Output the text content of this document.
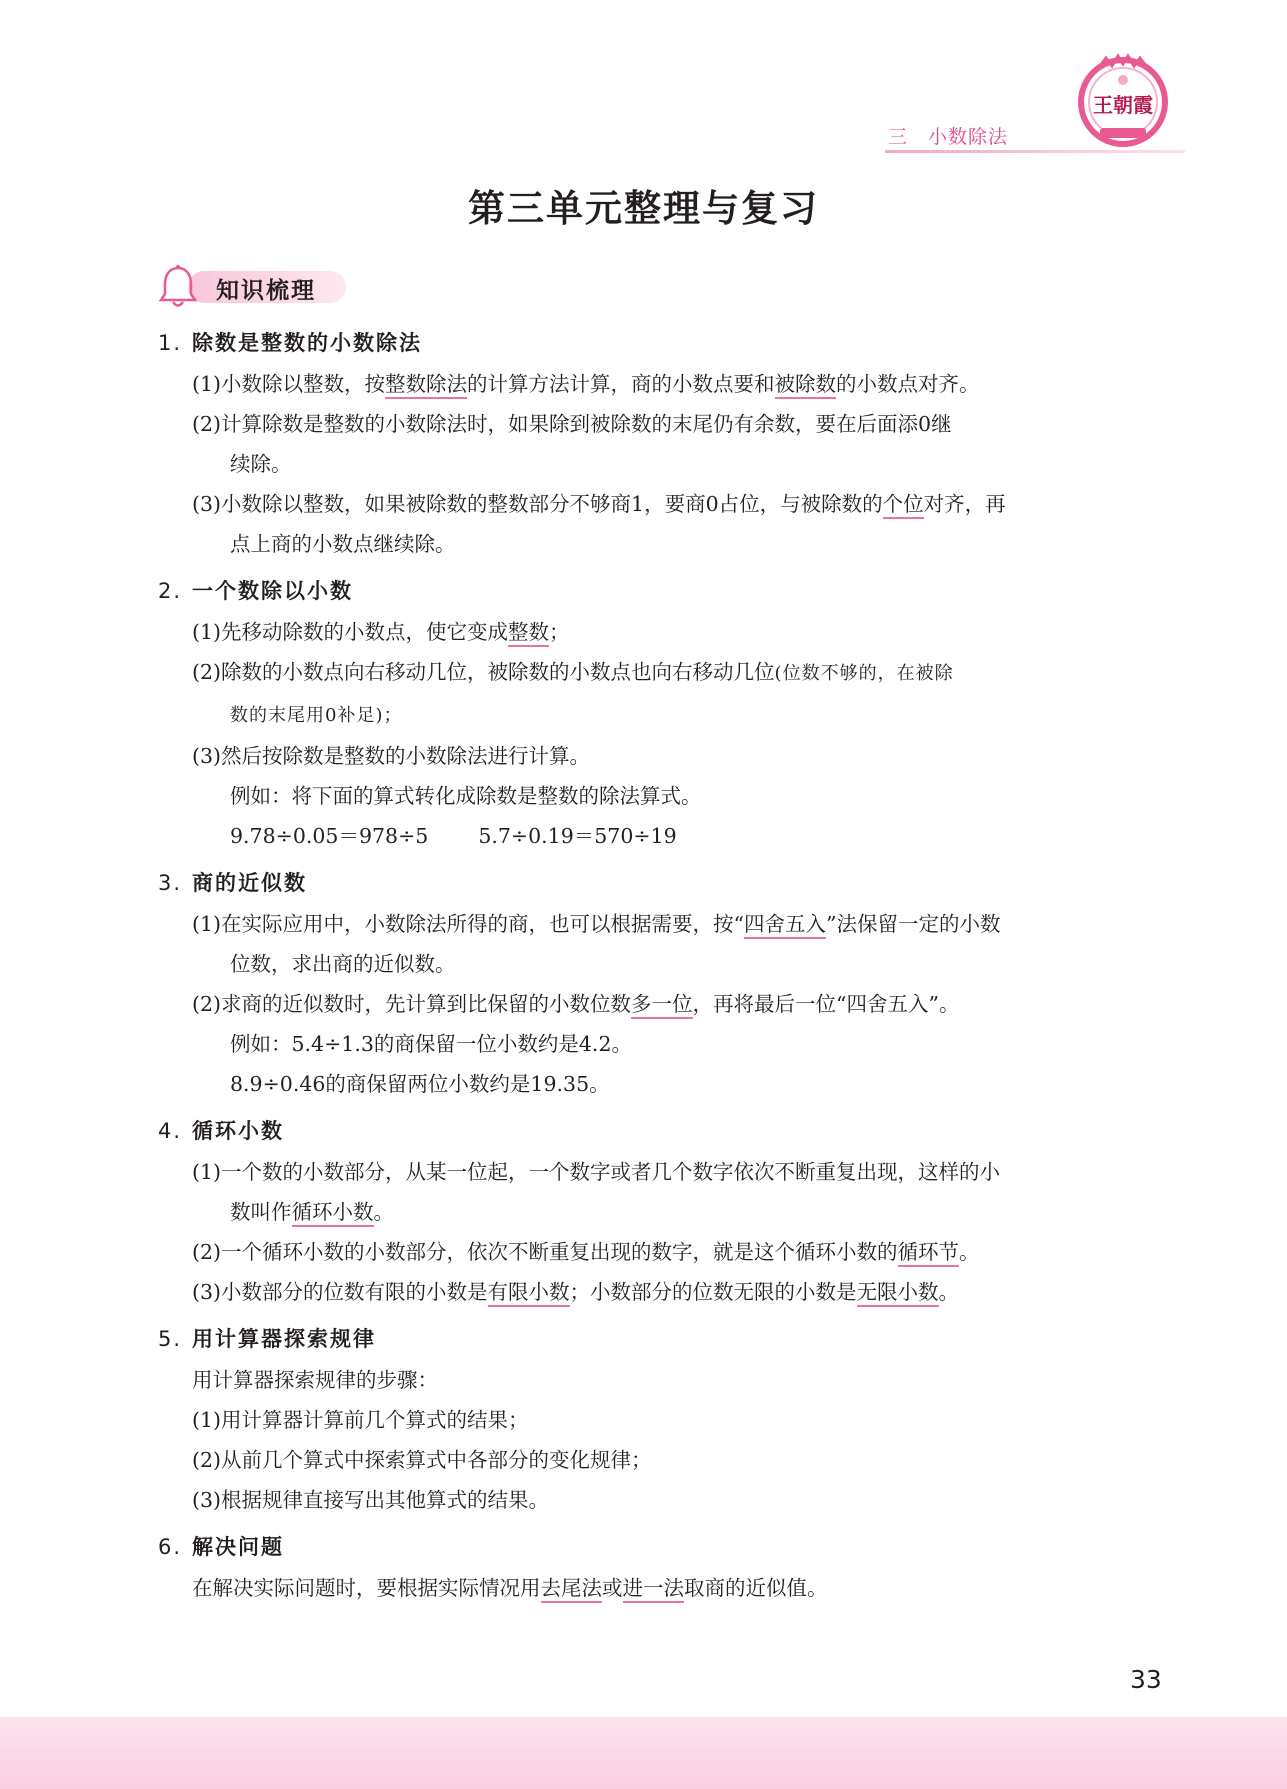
三　小数除法
王朝霞
第三单元整理与复习
知识梳理
1. 除数是整数的小数除法
(1)小数除以整数，按整数除法的计算方法计算，商的小数点要和被除数的小数点对齐。
(2)计算除数是整数的小数除法时，如果除到被除数的末尾仍有余数，要在后面添0继
续除。
(3)小数除以整数，如果被除数的整数部分不够商1，要商0占位，与被除数的个位对齐，再
点上商的小数点继续除。
2. 一个数除以小数
(1)先移动除数的小数点，使它变成整数；
(2)除数的小数点向右移动几位，被除数的小数点也向右移动几位(位数不够的，在被除
数的末尾用0补足)；
(3)然后按除数是整数的小数除法进行计算。
例如：将下面的算式转化成除数是整数的除法算式。
9.78÷0.05＝978÷5 5.7÷0.19＝570÷19
3. 商的近似数
(1)在实际应用中，小数除法所得的商，也可以根据需要，按“四舍五入”法保留一定的小数
位数，求出商的近似数。
(2)求商的近似数时，先计算到比保留的小数位数多一位，再将最后一位“四舍五入”。
例如：5.4÷1.3的商保留一位小数约是4.2。
8.9÷0.46的商保留两位小数约是19.35。
4. 循环小数
(1)一个数的小数部分，从某一位起，一个数字或者几个数字依次不断重复出现，这样的小
数叫作循环小数。
(2)一个循环小数的小数部分，依次不断重复出现的数字，就是这个循环小数的循环节。
(3)小数部分的位数有限的小数是有限小数；小数部分的位数无限的小数是无限小数。
5. 用计算器探索规律
用计算器探索规律的步骤：
(1)用计算器计算前几个算式的结果；
(2)从前几个算式中探索算式中各部分的变化规律；
(3)根据规律直接写出其他算式的结果。
6. 解决问题
在解决实际问题时，要根据实际情况用去尾法或进一法取商的近似值。
33
